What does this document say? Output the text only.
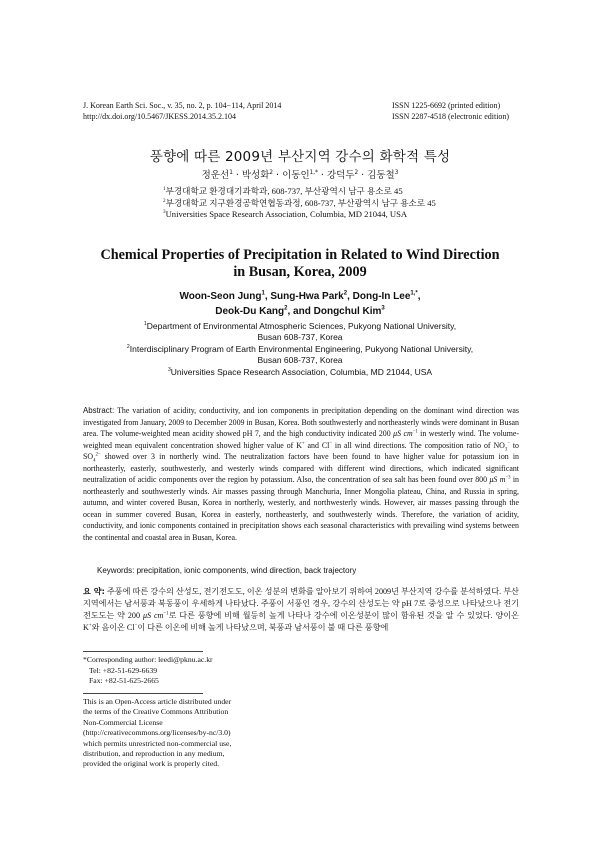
J. Korean Earth Sci. Soc., v. 35, no. 2, p. 104−114, April 2014
http://dx.doi.org/10.5467/JKESS.2014.35.2.104
ISSN 1225-6692 (printed edition)
ISSN 2287-4518 (electronic edition)
풍향에 따른 2009년 부산지역 강수의 화학적 특성
정운선$^1$ · 박성화$^2$ · 이동인$^{1,*}$ · 강덕두$^2$ · 김동철$^3$
$^1$부경대학교 환경대기과학과, 608-737, 부산광역시 남구 용소로 45
$^2$부경대학교 지구환경공학연협동과정, 608-737, 부산광역시 남구 용소로 45
$^3$Universities Space Research Association, Columbia, MD 21044, USA
Chemical Properties of Precipitation in Related to Wind Direction
in Busan, Korea, 2009
Woon-Seon Jung$^1$, Sung-Hwa Park$^2$, Dong-In Lee$^{1,*}$,
Deok-Du Kang$^2$, and Dongchul Kim$^3$
$^1$Department of Environmental Atmospheric Sciences, Pukyong National University,
Busan 608-737, Korea
$^2$Interdisciplinary Program of Earth Environmental Engineering, Pukyong National University,
Busan 608-737, Korea
$^3$Universities Space Research Association, Columbia, MD 21044, USA
Abstract: The variation of acidity, conductivity, and ion components in precipitation depending on the dominant wind direction was investigated from January, 2009 to December 2009 in Busan, Korea. Both southwesterly and northeasterly winds were dominant in Busan area. The volume-weighted mean acidity showed pH 7, and the high conductivity indicated 200 μS $cm^{-1}$ in westerly wind. The volume-weighted mean equivalent concentration showed higher value of K+ and Cl− in all wind directions. The composition ratio of $NO_3^-$ to $SO_4^{2-}$ showed over 3 in northerly wind. The neutralization factors have been found to have higher value for potassium ion in northeasterly, easterly, southwesterly, and westerly winds compared with different wind directions, which indicated significant neutralization of acidic components over the region by potassium. Also, the concentration of sea salt has been found over 800 μS $m^{-3}$ in northeasterly and southwesterly winds. Air masses passing through Manchuria, Inner Mongolia plateau, China, and Russia in spring, autumn, and winter covered Busan, Korea in northerly, westerly, and northwesterly winds. However, air masses passing through the ocean in summer covered Busan, Korea in easterly, northeasterly, and southwesterly winds. Therefore, the variation of acidity, conductivity, and ionic components contained in precipitation shows each seasonal characteristics with prevailing wind systems between the continental and coastal area in Busan, Korea.
Keywords: precipitation, ionic components, wind direction, back trajectory
요 약: 주풍에 따른 강수의 산성도, 전기전도도, 이온 성분의 변화를 알아보기 위하여 2009년 부산지역 강수를 분석하였다. 부산지역에서는 남서풍과 북동풍이 우세하게 나타났다. 주풍이 서풍인 경우, 강수의 산성도는 약 pH 7로 중성으로 나타났으나 전기전도도는 약 200 μS $cm^{-1}$로 다른 풍향에 비해 월등히 높게 나타나 강수에 이온성분이 많이 함유된 것을 알 수 있었다. 양이온 K+와 음이온 Cl−이 다른 이온에 비해 높게 나타났으며, 북풍과 남서풍이 불 때 다른 풍향에
*Corresponding author: leedi@pknu.ac.kr
Tel: +82-51-629-6639
Fax: +82-51-625-2665
This is an Open-Access article distributed under the terms of the Creative Commons Attribution Non-Commercial License (http://creativecommons.org/licenses/by-nc/3.0) which permits unrestricted non-commercial use, distribution, and reproduction in any medium, provided the original work is properly cited.
